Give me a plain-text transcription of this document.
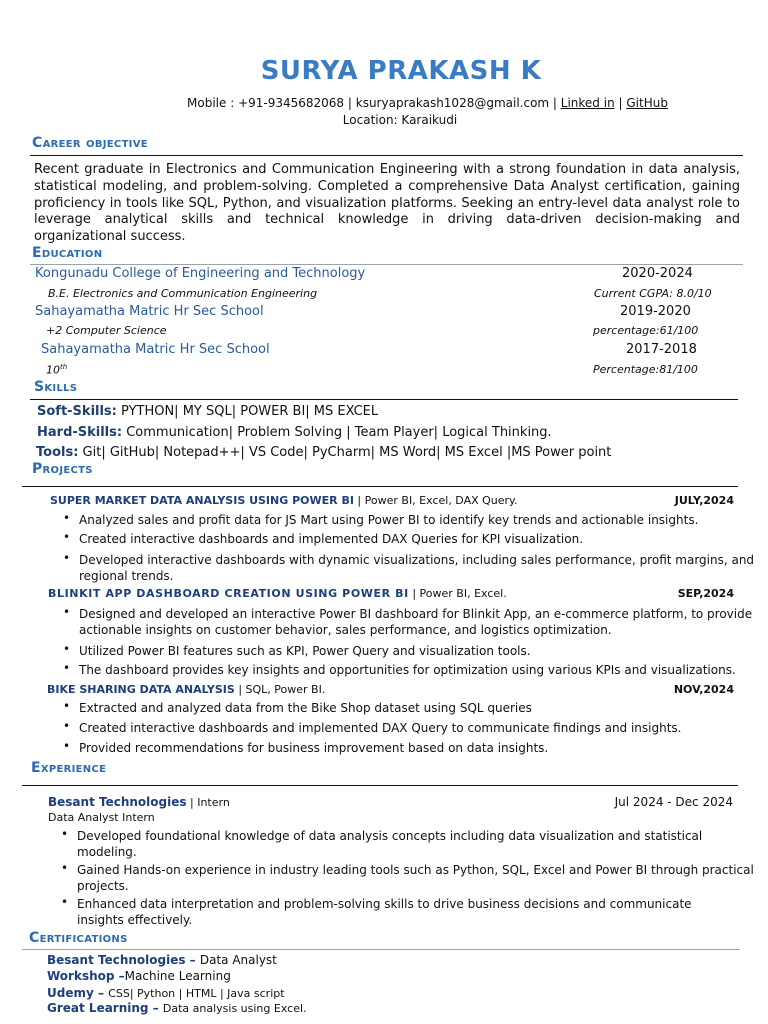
SURYA PRAKASH K
Mobile : +91-9345682068 | ksuryaprakash1028@gmail.com | Linked in | GitHub
Location: Karaikudi
Career objective
Recent graduate in Electronics and Communication Engineering with a strong foundation in data analysis, statistical modeling, and problem-solving. Completed a comprehensive Data Analyst certification, gaining proficiency in tools like SQL, Python, and visualization platforms. Seeking an entry-level data analyst role to leverage analytical skills and technical knowledge in driving data-driven decision-making and organizational success.
Education
Kongunadu College of Engineering and Technology	2020-2024
B.E. Electronics and Communication Engineering	Current CGPA: 8.0/10
Sahayamatha Matric Hr Sec School	2019-2020
+2 Computer Science	percentage:61/100
Sahayamatha Matric Hr Sec School	2017-2018
10th	Percentage:81/100
Skills
Soft-Skills: PYTHON| MY SQL| POWER BI| MS EXCEL
Hard-Skills: Communication| Problem Solving | Team Player| Logical Thinking.
Tools: Git| GitHub| Notepad++| VS Code| PyCharm| MS Word| MS Excel |MS Power point
Projects
SUPER MARKET DATA ANALYSIS USING POWER BI | Power BI, Excel, DAX Query.	JULY,2024
• Analyzed sales and profit data for JS Mart using Power BI to identify key trends and actionable insights.
• Created interactive dashboards and implemented DAX Queries for KPI visualization.
• Developed interactive dashboards with dynamic visualizations, including sales performance, profit margins, and
regional trends.
BLINKIT APP DASHBOARD CREATION USING POWER BI | Power BI, Excel.	SEP,2024
• Designed and developed an interactive Power BI dashboard for Blinkit App, an e-commerce platform, to provide
actionable insights on customer behavior, sales performance, and logistics optimization.
• Utilized Power BI features such as KPI, Power Query and visualization tools.
• The dashboard provides key insights and opportunities for optimization using various KPIs and visualizations.
BIKE SHARING DATA ANALYSIS | SQL, Power BI.	NOV,2024
• Extracted and analyzed data from the Bike Shop dataset using SQL queries
• Created interactive dashboards and implemented DAX Query to communicate findings and insights.
• Provided recommendations for business improvement based on data insights.
Experience
Besant Technologies | Intern	Jul 2024 - Dec 2024
Data Analyst Intern
• Developed foundational knowledge of data analysis concepts including data visualization and statistical
modeling.
• Gained Hands-on experience in industry leading tools such as Python, SQL, Excel and Power BI through practical
projects.
• Enhanced data interpretation and problem-solving skills to drive business decisions and communicate
insights effectively.
Certifications
Besant Technologies – Data Analyst
Workshop –Machine Learning
Udemy – CSS| Python | HTML | Java script
Great Learning – Data analysis using Excel.
